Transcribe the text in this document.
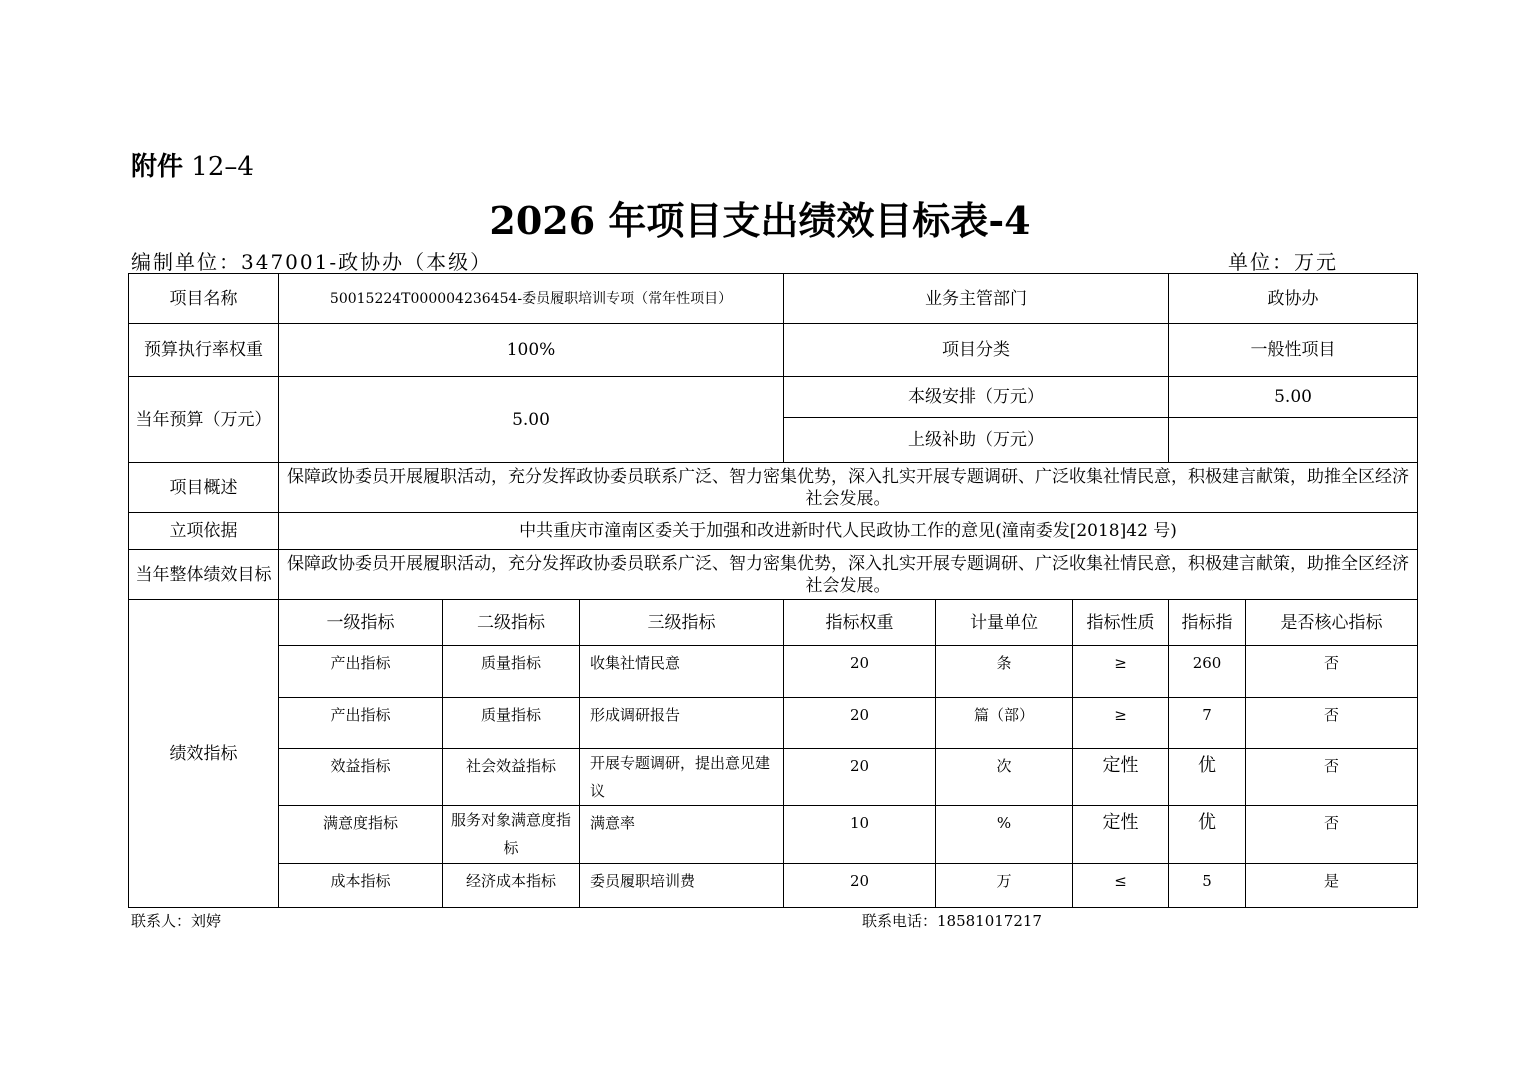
附件 12–4
2026 年项目支出绩效目标表-4
编制单位：347001-政协办（本级）	单位：万元
项目名称	50015224T000004236454-委员履职培训专项（常年性项目）			业务主管部门			政协办	
预算执行率权重	100%			项目分类			一般性项目	
当年预算（万元）	5.00			本级安排（万元）			5.00	
				上级补助（万元）				
项目概述	保障政协委员开展履职活动，充分发挥政协委员联系广泛、智力密集优势，深入扎实开展专题调研、广泛收集社情民意，积极建言献策，助推全区经济社会发展。							
立项依据	中共重庆市潼南区委关于加强和改进新时代人民政协工作的意见(潼南委发[2018]42 号)							
当年整体绩效目标	保障政协委员开展履职活动，充分发挥政协委员联系广泛、智力密集优势，深入扎实开展专题调研、广泛收集社情民意，积极建言献策，助推全区经济社会发展。							
绩效指标	一级指标	二级指标	三级指标	指标权重	计量单位	指标性质	指标指	是否核心指标
	产出指标	质量指标	收集社情民意	20	条	≥	260	否
	产出指标	质量指标	形成调研报告	20	篇（部）	≥	7	否
	效益指标	社会效益指标	开展专题调研，提出意见建议	20	次	定性	优	否
	满意度指标	服务对象满意度指标	满意率	10	%	定性	优	否
	成本指标	经济成本指标	委员履职培训费	20	万	≤	5	是
联系人：刘婷	联系电话：18581017217
